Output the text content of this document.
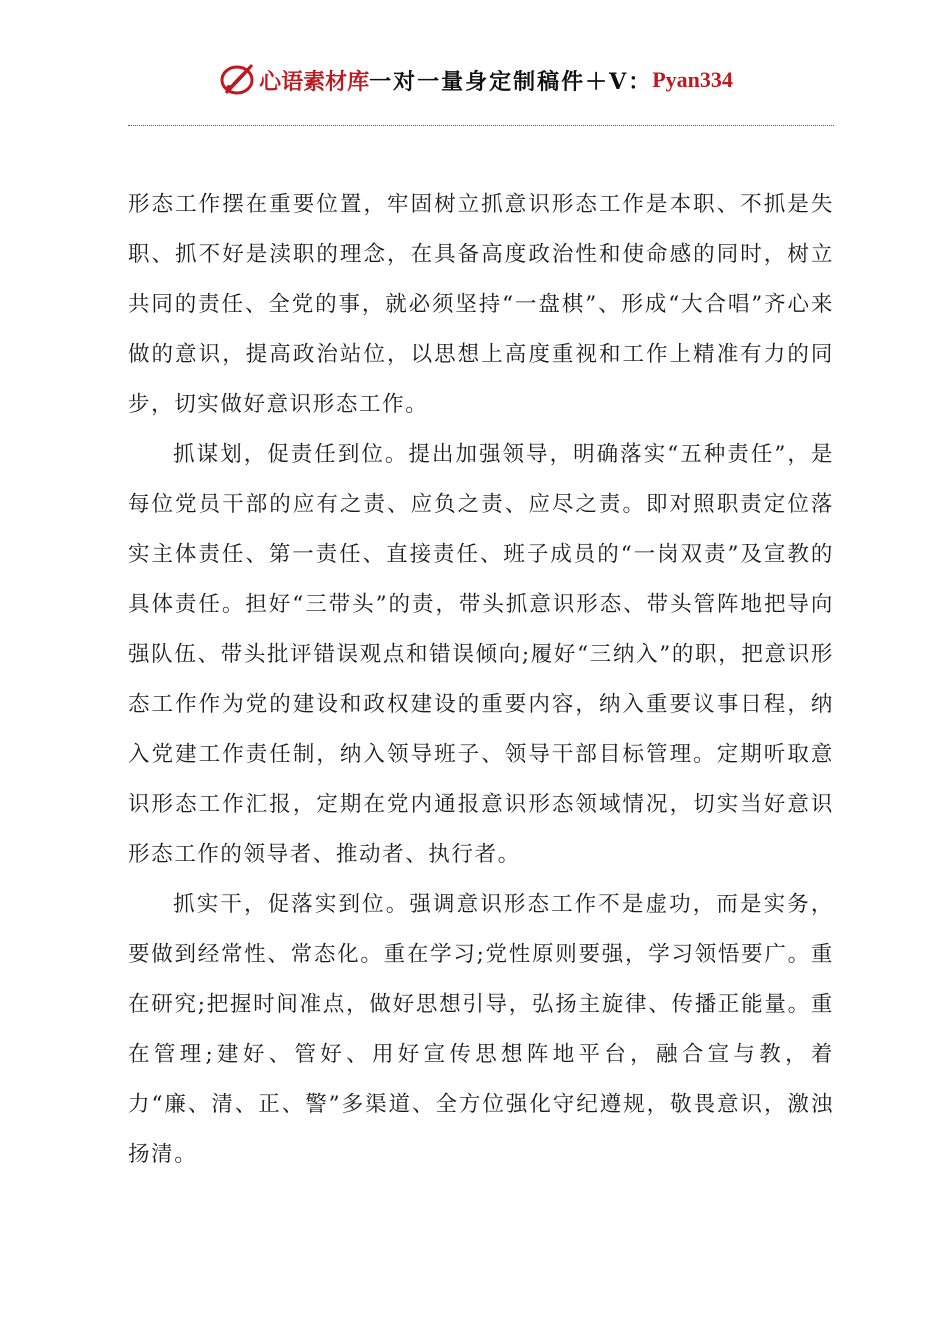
心语素材库 一对一量身定制稿件＋V： Pyan334

形态工作摆在重要位置，牢固树立抓意识形态工作是本职、不抓是失职、抓不好是渎职的理念，在具备高度政治性和使命感的同时，树立共同的责任、全党的事，就必须坚持“一盘棋”、形成“大合唱”齐心来做的意识，提高政治站位，以思想上高度重视和工作上精准有力的同步，切实做好意识形态工作。

抓谋划，促责任到位。提出加强领导，明确落实“五种责任”，是每位党员干部的应有之责、应负之责、应尽之责。即对照职责定位落实主体责任、第一责任、直接责任、班子成员的“一岗双责”及宣教的具体责任。担好“三带头”的责，带头抓意识形态、带头管阵地把导向强队伍、带头批评错误观点和错误倾向;履好“三纳入”的职，把意识形态工作作为党的建设和政权建设的重要内容，纳入重要议事日程，纳入党建工作责任制，纳入领导班子、领导干部目标管理。定期听取意识形态工作汇报，定期在党内通报意识形态领域情况，切实当好意识形态工作的领导者、推动者、执行者。

抓实干，促落实到位。强调意识形态工作不是虚功，而是实务，要做到经常性、常态化。重在学习;党性原则要强，学习领悟要广。重在研究;把握时间准点，做好思想引导，弘扬主旋律、传播正能量。重在管理;建好、管好、用好宣传思想阵地平台，融合宣与教，着力“廉、清、正、警”多渠道、全方位强化守纪遵规，敬畏意识，激浊扬清。
